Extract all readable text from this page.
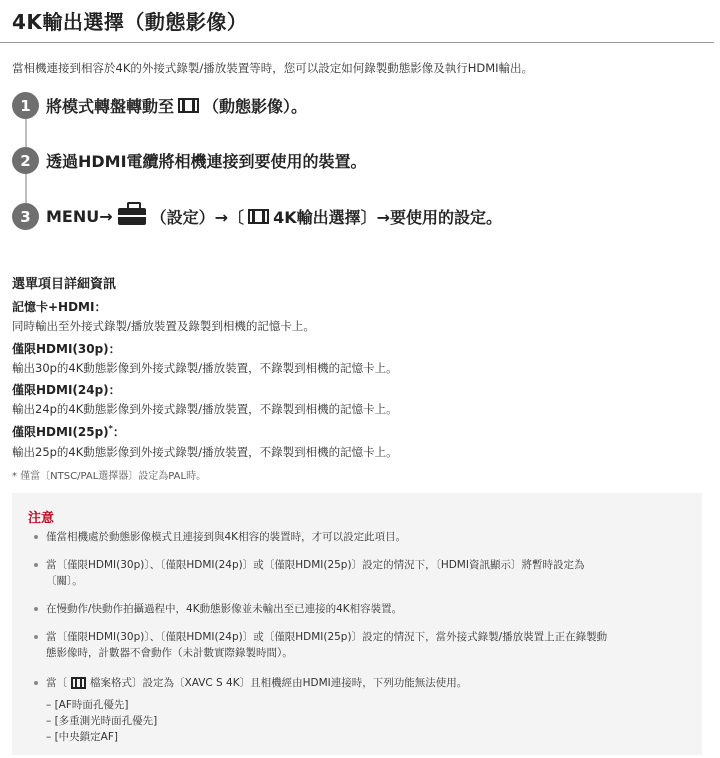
4K輸出選擇（動態影像）
當相機連接到相容於4K的外接式錄製/播放裝置等時，您可以設定如何錄製動態影像及執行HDMI輸出。
1 將模式轉盤轉動至 （動態影像）。
2 透過HDMI電纜將相機連接到要使用的裝置。
3 MENU→ （設定）→〔 4K輸出選擇〕→要使用的設定。
選單項目詳細資訊
記憶卡+HDMI：
同時輸出至外接式錄製/播放裝置及錄製到相機的記憶卡上。
僅限HDMI(30p)：
輸出30p的4K動態影像到外接式錄製/播放裝置，不錄製到相機的記憶卡上。
僅限HDMI(24p)：
輸出24p的4K動態影像到外接式錄製/播放裝置，不錄製到相機的記憶卡上。
僅限HDMI(25p)*：
輸出25p的4K動態影像到外接式錄製/播放裝置，不錄製到相機的記憶卡上。
* 僅當〔NTSC/PAL選擇器〕設定為PAL時。
注意
僅當相機處於動態影像模式且連接到與4K相容的裝置時，才可以設定此項目。
當〔僅限HDMI(30p)〕、〔僅限HDMI(24p)〕或〔僅限HDMI(25p)〕設定的情況下，〔HDMI資訊顯示〕將暫時設定為
〔關〕。
在慢動作/快動作拍攝過程中，4K動態影像並未輸出至已連接的4K相容裝置。
當〔僅限HDMI(30p)〕、〔僅限HDMI(24p)〕或〔僅限HDMI(25p)〕設定的情況下，當外接式錄製/播放裝置上正在錄製動
態影像時，計數器不會動作（未計數實際錄製時間）。
當〔 檔案格式〕設定為〔XAVC S 4K〕且相機經由HDMI連接時，下列功能無法使用。
– [AF時面孔優先]
– [多重測光時面孔優先]
– [中央鎖定AF]
